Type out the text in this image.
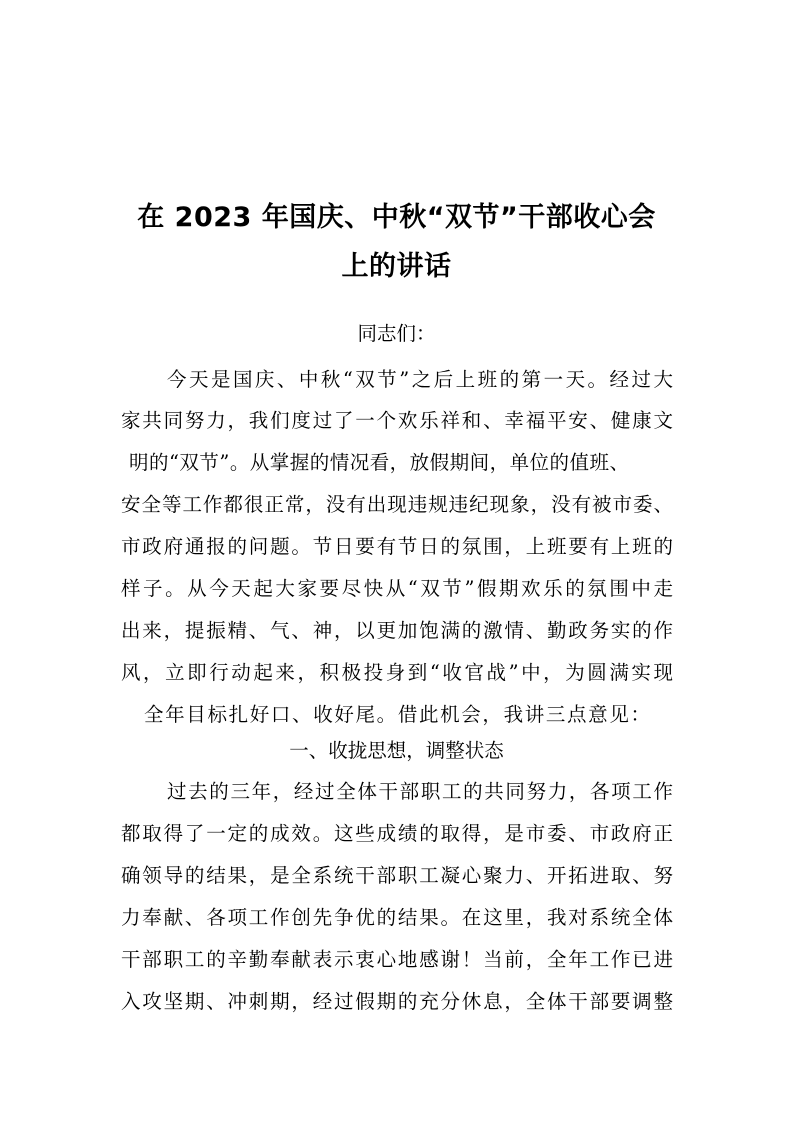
在 2023 年国庆、中秋“双节”干部收心会
上的讲话

同志们：

今天是国庆、中秋“双节”之后上班的第一天。经过大

家共同努力，我们度过了一个欢乐祥和、幸福平安、健康文

明的“双节”。从掌握的情况看，放假期间，单位的值班、

安全等工作都很正常，没有出现违规违纪现象，没有被市委、

市政府通报的问题。节日要有节日的氛围，上班要有上班的

样子。从今天起大家要尽快从“双节”假期欢乐的氛围中走

出来，提振精、气、神，以更加饱满的激情、勤政务实的作

风，立即行动起来，积极投身到“收官战”中，为圆满实现

全年目标扎好口、收好尾。借此机会，我讲三点意见：

一、收拢思想，调整状态

过去的三年，经过全体干部职工的共同努力，各项工作

都取得了一定的成效。这些成绩的取得，是市委、市政府正

确领导的结果，是全系统干部职工凝心聚力、开拓进取、努

力奉献、各项工作创先争优的结果。在这里，我对系统全体

干部职工的辛勤奉献表示衷心地感谢！当前，全年工作已进

入攻坚期、冲刺期，经过假期的充分休息，全体干部要调整
